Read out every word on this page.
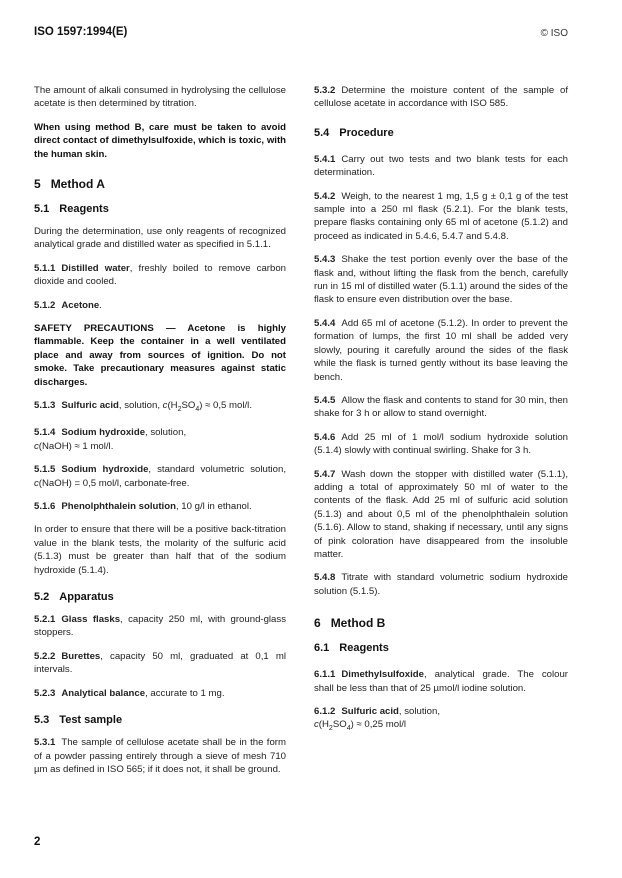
ISO 1597:1994(E)	© ISO

The amount of alkali consumed in hydrolysing the cellulose acetate is then determined by titration.

When using method B, care must be taken to avoid direct contact of dimethylsulfoxide, which is toxic, with the human skin.

5 Method A
5.1 Reagents

During the determination, use only reagents of recognized analytical grade and distilled water as specified in 5.1.1.

5.1.1 Distilled water, freshly boiled to remove carbon dioxide and cooled.

5.1.2 Acetone.

SAFETY PRECAUTIONS — Acetone is highly flammable. Keep the container in a well ventilated place and away from sources of ignition. Do not smoke. Take precautionary measures against static discharges.

5.1.3 Sulfuric acid, solution, $c(H_2SO_4) \approx 0,5$ mol/l.

5.1.4 Sodium hydroxide, solution,
c(NaOH) ≈ 1 mol/l.

5.1.5 Sodium hydroxide, standard volumetric solution, c(NaOH) = 0,5 mol/l, carbonate-free.

5.1.6 Phenolphthalein solution, 10 g/l in ethanol.

In order to ensure that there will be a positive back-titration value in the blank tests, the molarity of the sulfuric acid (5.1.3) must be greater than half that of the sodium hydroxide (5.1.4).

5.2 Apparatus

5.2.1 Glass flasks, capacity 250 ml, with ground-glass stoppers.

5.2.2 Burettes, capacity 50 ml, graduated at 0,1 ml intervals.

5.2.3 Analytical balance, accurate to 1 mg.

5.3 Test sample

5.3.1 The sample of cellulose acetate shall be in the form of a powder passing entirely through a sieve of mesh 710 µm as defined in ISO 565; if it does not, it shall be ground.

5.3.2 Determine the moisture content of the sample of cellulose acetate in accordance with ISO 585.

5.4 Procedure

5.4.1 Carry out two tests and two blank tests for each determination.

5.4.2 Weigh, to the nearest 1 mg, 1,5 g ± 0,1 g of the test sample into a 250 ml flask (5.2.1). For the blank tests, prepare flasks containing only 65 ml of acetone (5.1.2) and proceed as indicated in 5.4.6, 5.4.7 and 5.4.8.

5.4.3 Shake the test portion evenly over the base of the flask and, without lifting the flask from the bench, carefully run in 15 ml of distilled water (5.1.1) around the sides of the flask to ensure even distribution over the base.

5.4.4 Add 65 ml of acetone (5.1.2). In order to prevent the formation of lumps, the first 10 ml shall be added very slowly, pouring it carefully around the sides of the flask while the flask is turned gently without its base leaving the bench.

5.4.5 Allow the flask and contents to stand for 30 min, then shake for 3 h or allow to stand overnight.

5.4.6 Add 25 ml of 1 mol/l sodium hydroxide solution (5.1.4) slowly with continual swirling. Shake for 3 h.

5.4.7 Wash down the stopper with distilled water (5.1.1), adding a total of approximately 50 ml of water to the contents of the flask. Add 25 ml of sulfuric acid solution (5.1.3) and about 0,5 ml of the phenolphthalein solution (5.1.6). Allow to stand, shaking if necessary, until any signs of pink coloration have disappeared from the insoluble matter.

5.4.8 Titrate with standard volumetric sodium hydroxide solution (5.1.5).

6 Method B
6.1 Reagents

6.1.1 Dimethylsulfoxide, analytical grade. The colour shall be less than that of 25 µmol/l iodine solution.

6.1.2 Sulfuric acid, solution,
$c(H_2SO_4) \approx 0,25$ mol/l

2
